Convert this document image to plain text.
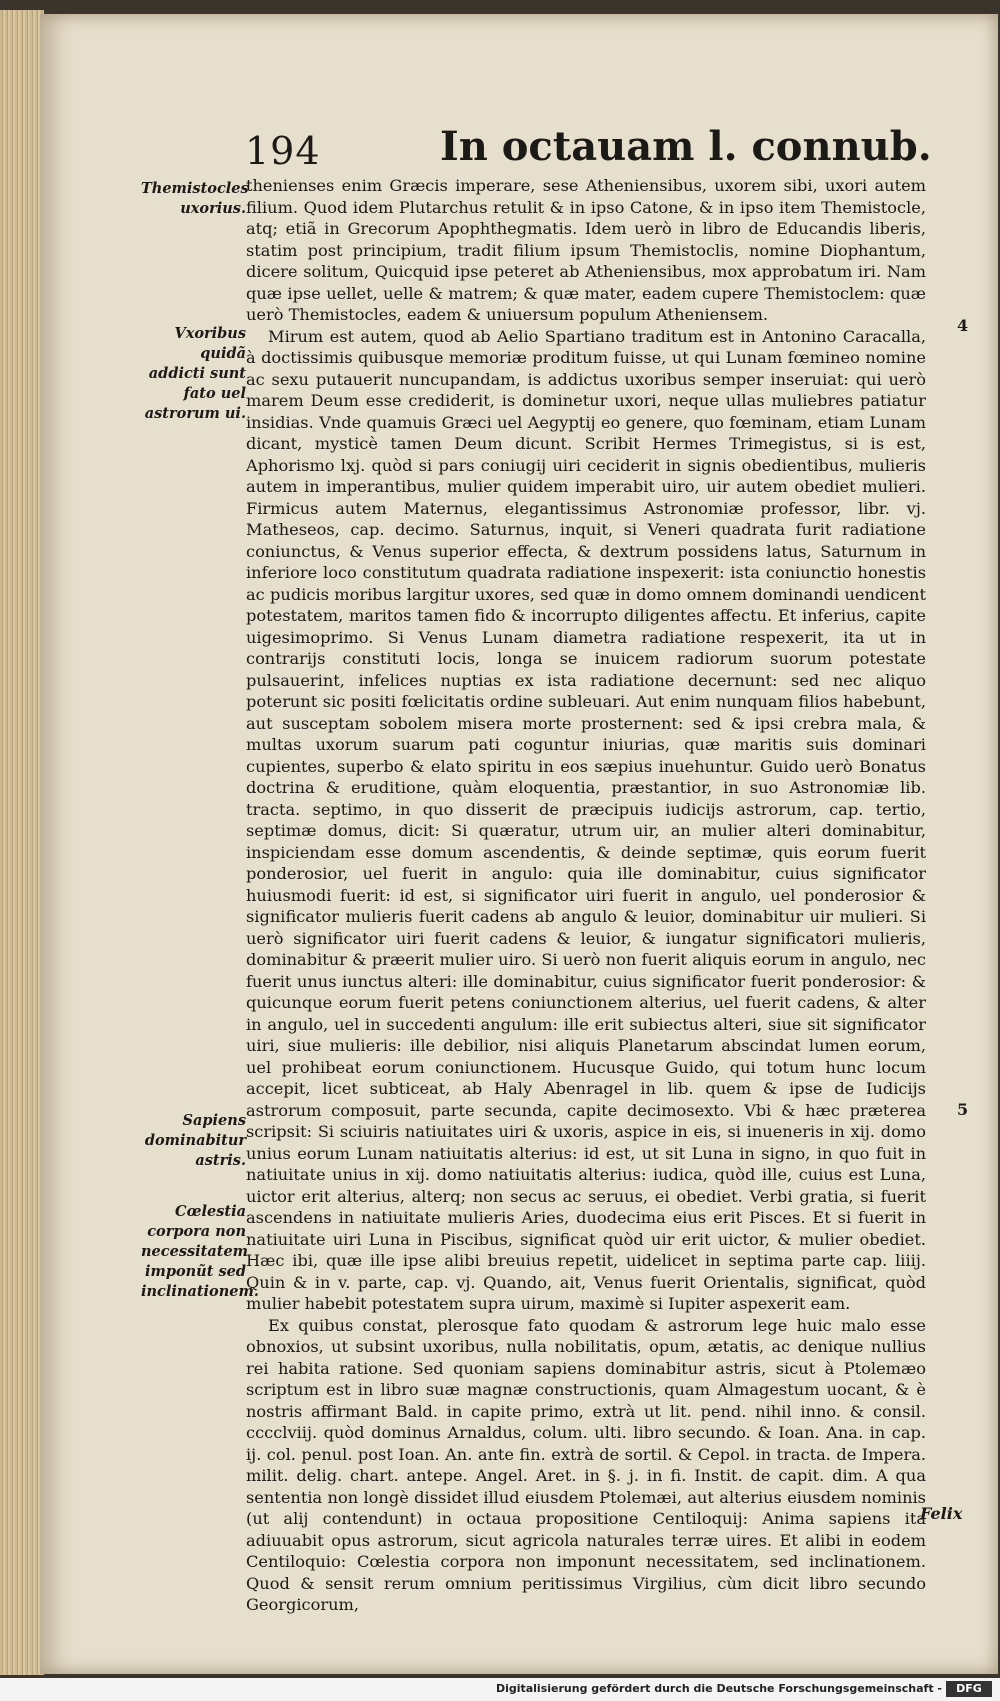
194	In octauam l. connub.
Themistocles uxorius.
Vxoribus quidã addicti sunt fato uel astrorum ui.
Sapiens dominabitur astris.
Cœlestia corpora non necessitatem imponũt sed inclinationem.
4
5

thenienses enim Græcis imperare, sese Atheniensibus, uxorem sibi, uxori autem filium. Quod idem Plutarchus retulit & in ipso Catone, & in ipso item Themistocle, atq; etiã in Grecorum Apophthegmatis. Idem uerò in libro de Educandis liberis, statim post principium, tradit filium ipsum Themistoclis, nomine Diophantum, dicere solitum, Quicquid ipse peteret ab Atheniensibus, mox approbatum iri. Nam quæ ipse uellet, uelle & matrem; & quæ mater, eadem cupere Themistoclem: quæ uerò Themistocles, eadem & uniuersum populum Atheniensem.

Mirum est autem, quod ab Aelio Spartiano traditum est in Antonino Caracalla, à doctissimis quibusque memoriæ proditum fuisse, ut qui Lunam fœmineo nomine ac sexu putauerit nuncupandam, is addictus uxoribus semper inseruiat: qui uerò marem Deum esse crediderit, is dominetur uxori, neque ullas muliebres patiatur insidias. Vnde quamuis Græci uel Aegyptij eo genere, quo fœminam, etiam Lunam dicant, mysticè tamen Deum dicunt. Scribit Hermes Trimegistus, si is est, Aphorismo lxj. quòd si pars coniugij uiri ceciderit in signis obedientibus, mulieris autem in imperantibus, mulier quidem imperabit uiro, uir autem obediet mulieri. Firmicus autem Maternus, elegantissimus Astronomiæ professor, libr. vj. Matheseos, cap. decimo. Saturnus, inquit, si Veneri quadrata furit radiatione coniunctus, & Venus superior effecta, & dextrum possidens latus, Saturnum in inferiore loco constitutum quadrata radiatione inspexerit: ista coniunctio honestis ac pudicis moribus largitur uxores, sed quæ in domo omnem dominandi uendicent potestatem, maritos tamen fido & incorrupto diligentes affectu. Et inferius, capite uigesimoprimo. Si Venus Lunam diametra radiatione respexerit, ita ut in contrarijs constituti locis, longa se inuicem radiorum suorum potestate pulsauerint, infelices nuptias ex ista radiatione decernunt: sed nec aliquo poterunt sic positi fœlicitatis ordine subleuari. Aut enim nunquam filios habebunt, aut susceptam sobolem misera morte prosternent: sed & ipsi crebra mala, & multas uxorum suarum pati coguntur iniurias, quæ maritis suis dominari cupientes, superbo & elato spiritu in eos sæpius inuehuntur. Guido uerò Bonatus doctrina & eruditione, quàm eloquentia, præstantior, in suo Astronomiæ lib. tracta. septimo, in quo disserit de præcipuis iudicijs astrorum, cap. tertio, septimæ domus, dicit: Si quæratur, utrum uir, an mulier alteri dominabitur, inspiciendam esse domum ascendentis, & deinde septimæ, quis eorum fuerit ponderosior, uel fuerit in angulo: quia ille dominabitur, cuius significator huiusmodi fuerit: id est, si significator uiri fuerit in angulo, uel ponderosior & significator mulieris fuerit cadens ab angulo & leuior, dominabitur uir mulieri. Si uerò significator uiri fuerit cadens & leuior, & iungatur significatori mulieris, dominabitur & præerit mulier uiro. Si uerò non fuerit aliquis eorum in angulo, nec fuerit unus iunctus alteri: ille dominabitur, cuius significator fuerit ponderosior: & quicunque eorum fuerit petens coniunctionem alterius, uel fuerit cadens, & alter in angulo, uel in succedenti angulum: ille erit subiectus alteri, siue sit significator uiri, siue mulieris: ille debilior, nisi aliquis Planetarum abscindat lumen eorum, uel prohibeat eorum coniunctionem. Hucusque Guido, qui totum hunc locum accepit, licet subticeat, ab Haly Abenragel in lib. quem & ipse de Iudicijs astrorum composuit, parte secunda, capite decimosexto. Vbi & hæc præterea scripsit: Si sciuiris natiuitates uiri & uxoris, aspice in eis, si inueneris in xij. domo unius eorum Lunam natiuitatis alterius: id est, ut sit Luna in signo, in quo fuit in natiuitate unius in xij. domo natiuitatis alterius: iudica, quòd ille, cuius est Luna, uictor erit alterius, alterq; non secus ac seruus, ei obediet. Verbi gratia, si fuerit ascendens in natiuitate mulieris Aries, duodecima eius erit Pisces. Et si fuerit in natiuitate uiri Luna in Piscibus, significat quòd uir erit uictor, & mulier obediet. Hæc ibi, quæ ille ipse alibi breuius repetit, uidelicet in septima parte cap. liiij. Quin & in v. parte, cap. vj. Quando, ait, Venus fuerit Orientalis, significat, quòd mulier habebit potestatem supra uirum, maximè si Iupiter aspexerit eam.

Ex quibus constat, plerosque fato quodam & astrorum lege huic malo esse obnoxios, ut subsint uxoribus, nulla nobilitatis, opum, ætatis, ac denique nullius rei habita ratione. Sed quoniam sapiens dominabitur astris, sicut à Ptolemæo scriptum est in libro suæ magnæ constructionis, quam Almagestum uocant, & è nostris affirmant Bald. in capite primo, extrà ut lit. pend. nihil inno. & consil. cccclviij. quòd dominus Arnaldus, colum. ulti. libro secundo. & Ioan. Ana. in cap. ij. col. penul. post Ioan. An. ante fin. extrà de sortil. & Cepol. in tracta. de Impera. milit. delig. chart. antepe. Angel. Aret. in §. j. in fi. Instit. de capit. dim. A qua sententia non longè dissidet illud eiusdem Ptolemæi, aut alterius eiusdem nominis (ut alij contendunt) in octaua propositione Centiloquij: Anima sapiens ita adiuuabit opus astrorum, sicut agricola naturales terræ uires. Et alibi in eodem Centiloquio: Cœlestia corpora non imponunt necessitatem, sed inclinationem. Quod & sensit rerum omnium peritissimus Virgilius, cùm dicit libro secundo Georgicorum,

Felix
Digitalisierung gefördert durch die Deutsche Forschungsgemeinschaft -	DFG
